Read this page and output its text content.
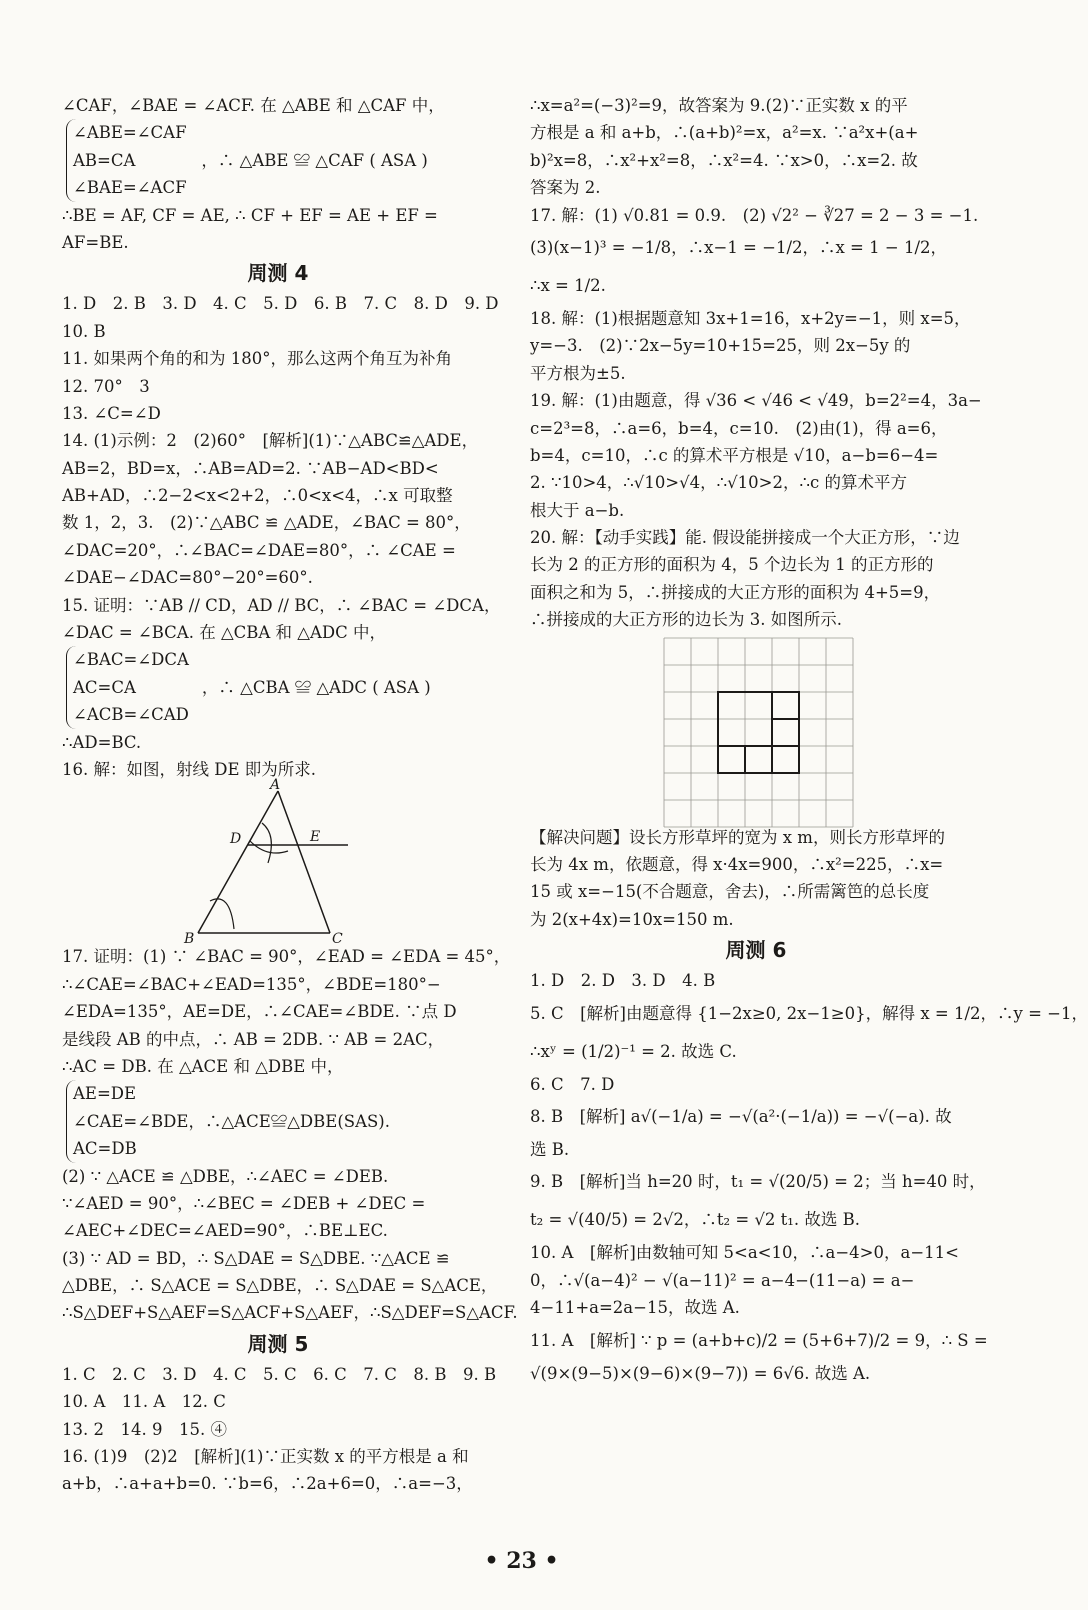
∠CAF，∠BAE = ∠ACF. 在 △ABE 和 △CAF 中，
∠ABE=∠CAF
AB=CA　　　　，∴ △ABE ≌ △CAF ( ASA )
∠BAE=∠ACF
∴BE = AF, CF = AE, ∴ CF + EF = AE + EF =
AF=BE.
周测 4
1. D　2. B　3. D　4. C　5. D　6. B　7. C　8. D　9. D
10. B
11. 如果两个角的和为 180°，那么这两个角互为补角
12. 70°　3
13. ∠C=∠D
14. (1)示例：2　(2)60°　[解析](1)∵△ABC≌△ADE，
AB=2，BD=x，∴AB=AD=2. ∵AB−AD<BD<
AB+AD，∴2−2<x<2+2，∴0<x<4，∴x 可取整
数 1，2，3.　(2)∵△ABC ≌ △ADE，∠BAC = 80°，
∠DAC=20°，∴∠BAC=∠DAE=80°，∴ ∠CAE =
∠DAE−∠DAC=80°−20°=60°.
15. 证明：∵AB // CD，AD // BC，∴ ∠BAC = ∠DCA，
∠DAC = ∠BCA. 在 △CBA 和 △ADC 中，
∠BAC=∠DCA
AC=CA　　　　，∴ △CBA ≌ △ADC ( ASA )
∠ACB=∠CAD
∴AD=BC.
16. 解：如图，射线 DE 即为所求.
A
B	C
D	E
17. 证明：(1) ∵ ∠BAC = 90°，∠EAD = ∠EDA = 45°，
∴∠CAE=∠BAC+∠EAD=135°，∠BDE=180°−
∠EDA=135°，AE=DE，∴∠CAE=∠BDE. ∵点 D
是线段 AB 的中点，∴ AB = 2DB. ∵ AB = 2AC，
∴AC = DB. 在 △ACE 和 △DBE 中，
AE=DE
∠CAE=∠BDE，∴△ACE≌△DBE(SAS).
AC=DB
(2) ∵ △ACE ≌ △DBE，∴∠AEC = ∠DEB.
∵∠AED = 90°，∴∠BEC = ∠DEB + ∠DEC =
∠AEC+∠DEC=∠AED=90°，∴BE⊥EC.
(3) ∵ AD = BD，∴ S△DAE = S△DBE. ∵△ACE ≌
△DBE，∴ S△ACE = S△DBE，∴ S△DAE = S△ACE，
∴S△DEF+S△AEF=S△ACF+S△AEF，∴S△DEF=S△ACF.
周测 5
1. C　2. C　3. D　4. C　5. C　6. C　7. C　8. B　9. B
10. A　11. A　12. C
13. 2　14. 9　15. ④
16. (1)9　(2)2　[解析](1)∵正实数 x 的平方根是 a 和
a+b，∴a+a+b=0. ∵b=6，∴2a+6=0，∴a=−3，
∴x=a²=(−3)²=9，故答案为 9.(2)∵正实数 x 的平
方根是 a 和 a+b，∴(a+b)²=x，a²=x. ∵a²x+(a+
b)²x=8，∴x²+x²=8，∴x²=4. ∵x>0，∴x=2. 故
答案为 2.
17. 解：(1) √0.81 = 0.9.　(2) √2² − ∛27 = 2 − 3 = −1.
(3)(x−1)³ = −1/8，∴x−1 = −1/2，∴x = 1 − 1/2，
∴x = 1/2.
18. 解：(1)根据题意知 3x+1=16，x+2y=−1，则 x=5，
y=−3.　(2)∵2x−5y=10+15=25，则 2x−5y 的
平方根为±5.
19. 解：(1)由题意，得 √36 < √46 < √49，b=2²=4，3a−
c=2³=8，∴a=6，b=4，c=10.　(2)由(1)，得 a=6，
b=4，c=10，∴c 的算术平方根是 √10，a−b=6−4=
2. ∵10>4，∴√10>√4，∴√10>2，∴c 的算术平方
根大于 a−b.
20. 解：【动手实践】能. 假设能拼接成一个大正方形，∵边
长为 2 的正方形的面积为 4，5 个边长为 1 的正方形的
面积之和为 5，∴拼接成的大正方形的面积为 4+5=9，
∴拼接成的大正方形的边长为 3. 如图所示.
【解决问题】设长方形草坪的宽为 x m，则长方形草坪的
长为 4x m，依题意，得 x·4x=900，∴x²=225，∴x=
15 或 x=−15(不合题意，舍去)，∴所需篱笆的总长度
为 2(x+4x)=10x=150 m.
周测 6
1. D　2. D　3. D　4. B
5. C　[解析]由题意得 {1−2x≥0, 2x−1≥0}，解得 x = 1/2，∴y = −1，
∴xʸ = (1/2)⁻¹ = 2. 故选 C.
6. C　7. D
8. B　[解析] a√(−1/a) = −√(a²·(−1/a)) = −√(−a). 故
选 B.
9. B　[解析]当 h=20 时，t₁ = √(20/5) = 2；当 h=40 时，
t₂ = √(40/5) = 2√2，∴t₂ = √2 t₁. 故选 B.
10. A　[解析]由数轴可知 5<a<10，∴a−4>0，a−11<
0，∴√(a−4)² − √(a−11)² = a−4−(11−a) = a−
4−11+a=2a−15，故选 A.
11. A　[解析] ∵ p = (a+b+c)/2 = (5+6+7)/2 = 9，∴ S =
√(9×(9−5)×(9−6)×(9−7)) = 6√6. 故选 A.
• 23 •
